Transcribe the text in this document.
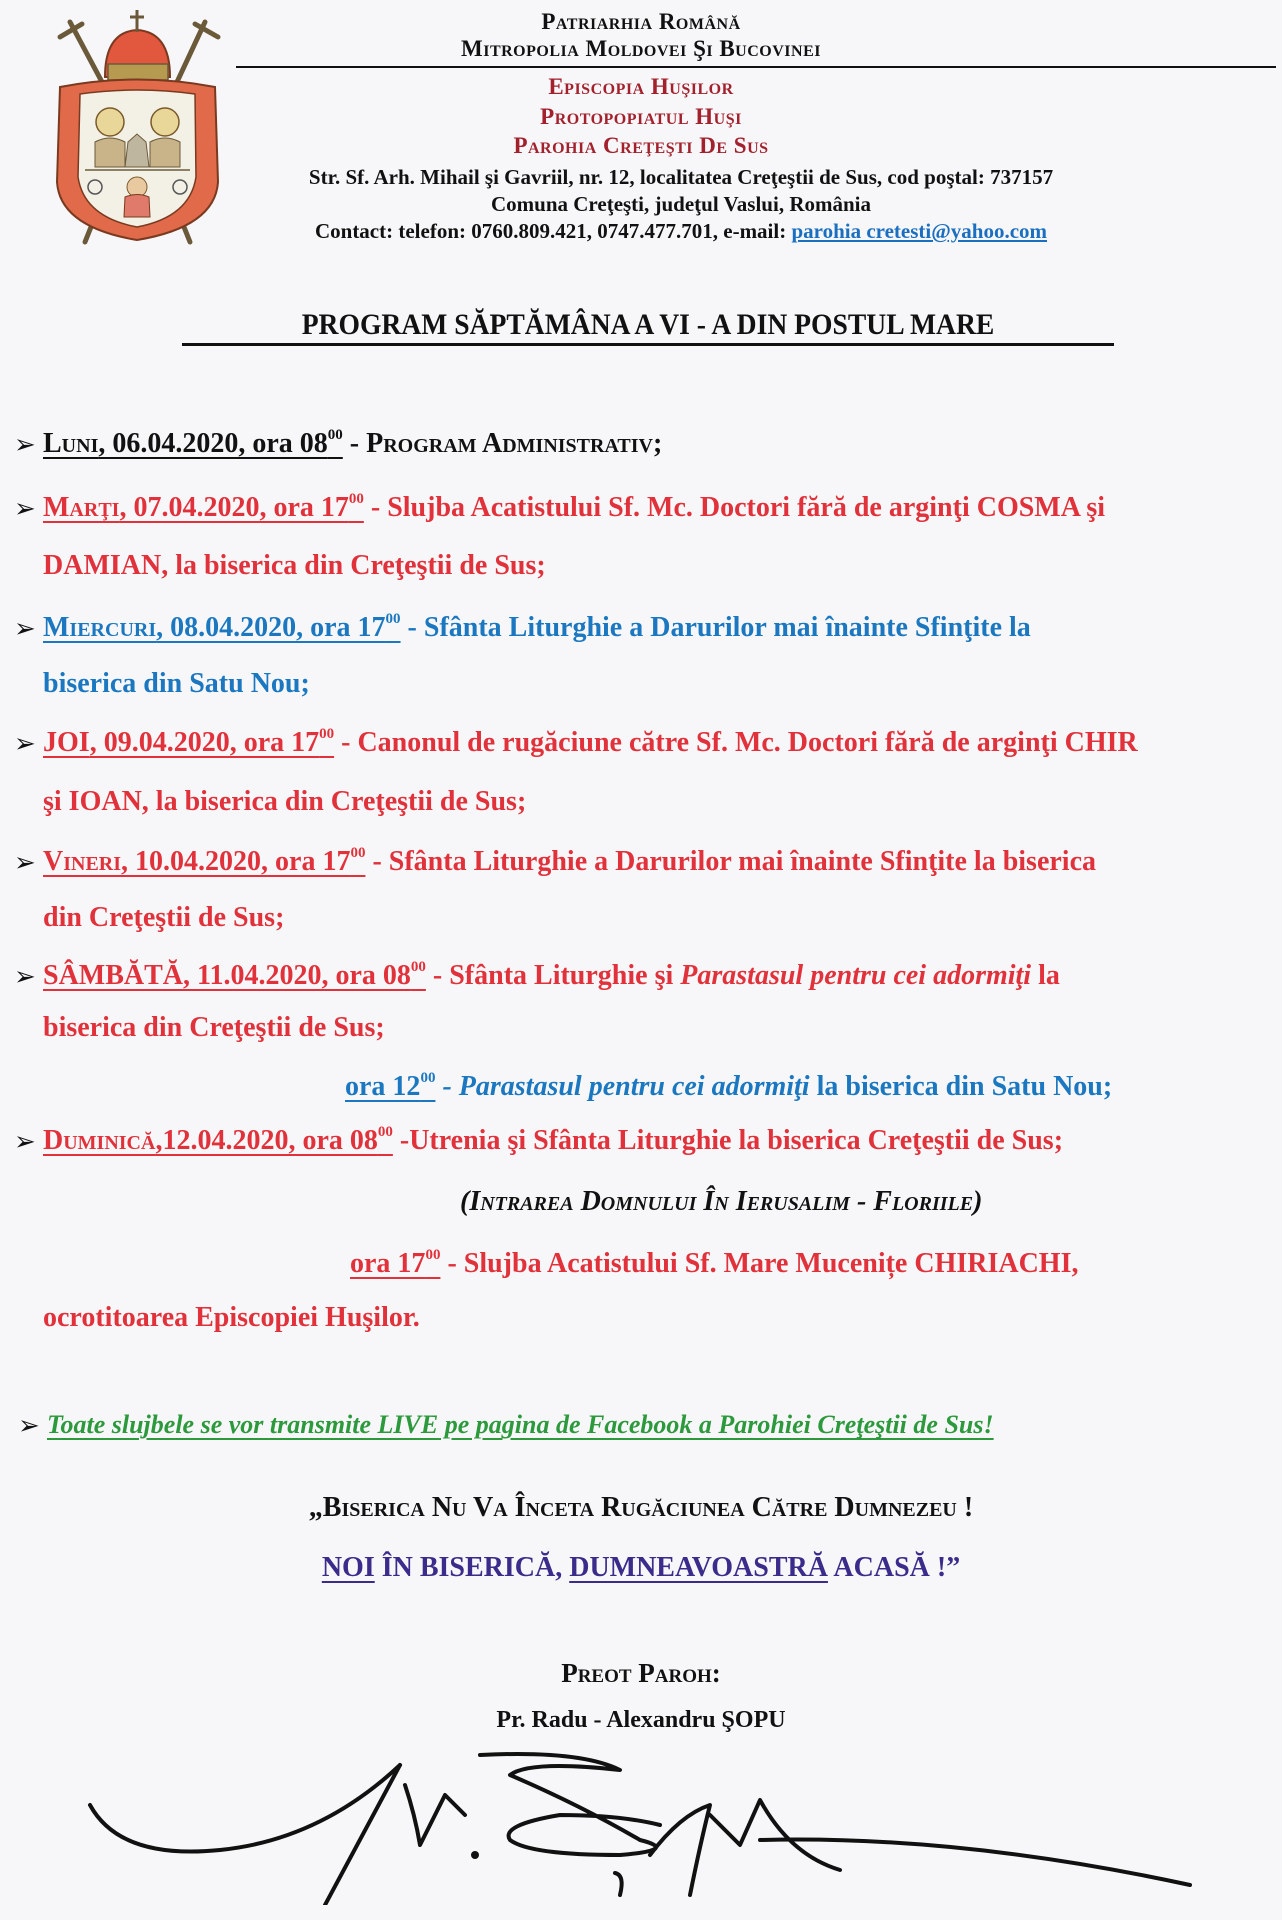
Patriarhia Română
Mitropolia Moldovei Şi Bucovinei
Episcopia Huşilor
Protopopiatul Huşi
Parohia Creţeşti De Sus
Str. Sf. Arh. Mihail şi Gavriil, nr. 12, localitatea Creţeştii de Sus, cod poştal: 737157
Comuna Creţeşti, judeţul Vaslui, România
Contact: telefon: 0760.809.421, 0747.477.701, e-mail: parohia cretesti@yahoo.com
PROGRAM SĂPTĂMÂNA A VI - A DIN POSTUL MARE
➢ Luni, 06.04.2020, ora $08^{00}$ - Program Administrativ;
➢ Marţi, 07.04.2020, ora $17^{00}$ - Slujba Acatistului Sf. Mc. Doctori fără de arginţi COSMA şi
DAMIAN, la biserica din Creţeştii de Sus;
➢ Miercuri, 08.04.2020, ora $17^{00}$ - Sfânta Liturghie a Darurilor mai înainte Sfinţite la
biserica din Satu Nou;
➢ JOI, 09.04.2020, ora $17^{00}$ - Canonul de rugăciune către Sf. Mc. Doctori fără de arginţi CHIR
şi IOAN, la biserica din Creţeştii de Sus;
➢ Vineri, 10.04.2020, ora $17^{00}$ - Sfânta Liturghie a Darurilor mai înainte Sfinţite la biserica
din Creţeştii de Sus;
➢ SÂMBĂTĂ, 11.04.2020, ora $08^{00}$ - Sfânta Liturghie şi Parastasul pentru cei adormiţi la
biserica din Creţeştii de Sus;
ora $12^{00}$ - Parastasul pentru cei adormiţi la biserica din Satu Nou;
➢ Duminică,12.04.2020, ora $08^{00}$ -Utrenia şi Sfânta Liturghie la biserica Creţeştii de Sus;
(Intrarea Domnului În Ierusalim - Floriile)
ora $17^{00}$ - Slujba Acatistului Sf. Mare Mucenițe CHIRIACHI,
ocrotitoarea Episcopiei Huşilor.
➢ Toate slujbele se vor transmite LIVE pe pagina de Facebook a Parohiei Creţeştii de Sus!
„Biserica Nu Va Înceta Rugăciunea Către Dumnezeu !
NOI ÎN BISERICĂ, DUMNEAVOASTRĂ ACASĂ !”
Preot Paroh:
Pr. Radu - Alexandru ŞOPU
